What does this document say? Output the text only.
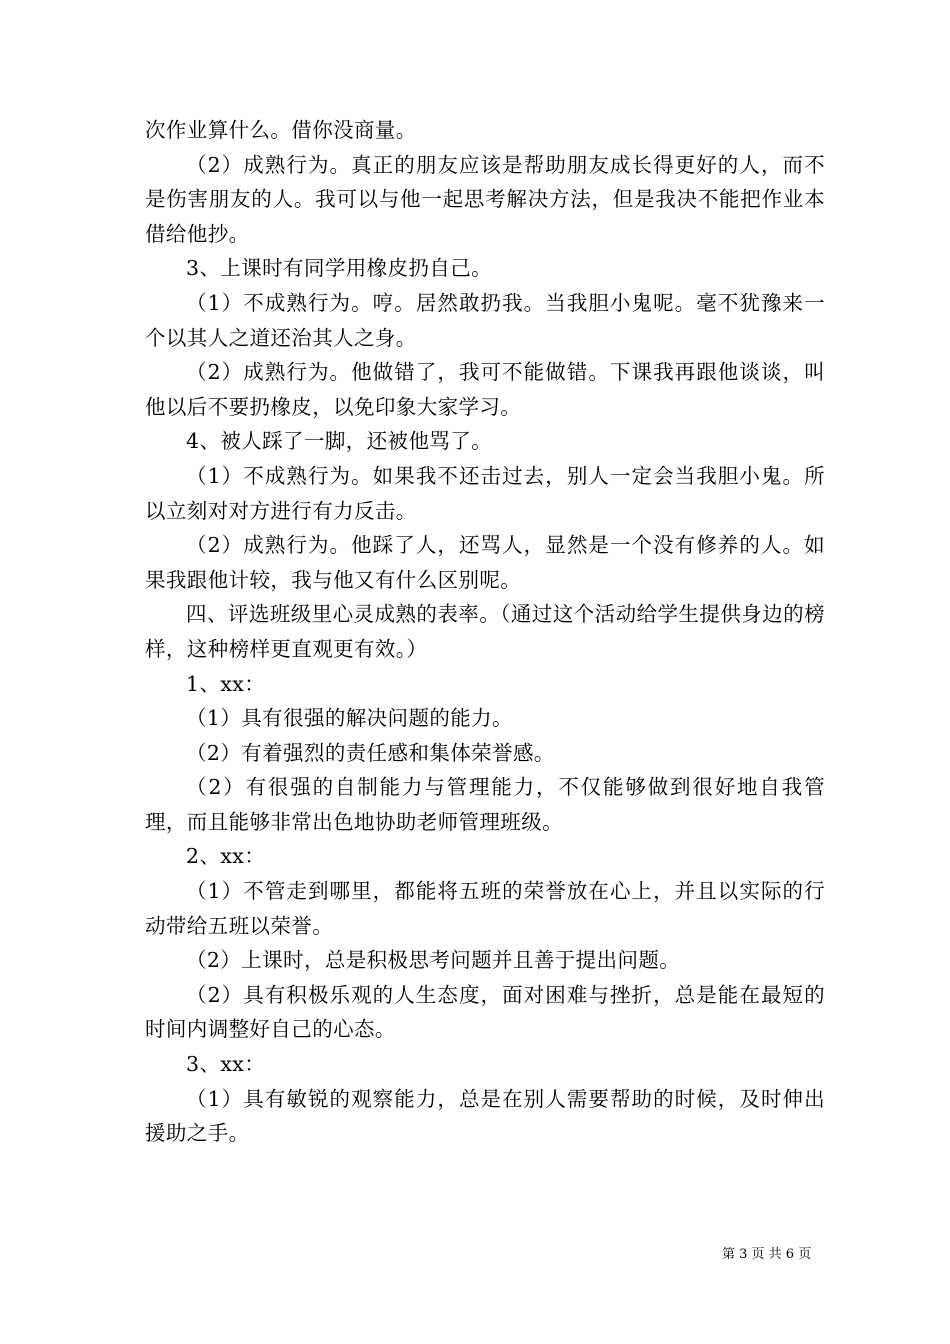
次作业算什么。借你没商量。

（2）成熟行为。真正的朋友应该是帮助朋友成长得更好的人，而不是伤害朋友的人。我可以与他一起思考解决方法，但是我决不能把作业本借给他抄。

3、上课时有同学用橡皮扔自己。

（1）不成熟行为。哼。居然敢扔我。当我胆小鬼呢。毫不犹豫来一个以其人之道还治其人之身。

（2）成熟行为。他做错了，我可不能做错。下课我再跟他谈谈，叫他以后不要扔橡皮，以免印象大家学习。

4、被人踩了一脚，还被他骂了。

（1）不成熟行为。如果我不还击过去，别人一定会当我胆小鬼。所以立刻对对方进行有力反击。

（2）成熟行为。他踩了人，还骂人，显然是一个没有修养的人。如果我跟他计较，我与他又有什么区别呢。

四、评选班级里心灵成熟的表率。（通过这个活动给学生提供身边的榜样，这种榜样更直观更有效。）

1、xx：

（1）具有很强的解决问题的能力。

（2）有着强烈的责任感和集体荣誉感。

（2）有很强的自制能力与管理能力，不仅能够做到很好地自我管理，而且能够非常出色地协助老师管理班级。

2、xx：

（1）不管走到哪里，都能将五班的荣誉放在心上，并且以实际的行动带给五班以荣誉。

（2）上课时，总是积极思考问题并且善于提出问题。

（2）具有积极乐观的人生态度，面对困难与挫折，总是能在最短的时间内调整好自己的心态。

3、xx：

（1）具有敏锐的观察能力，总是在别人需要帮助的时候，及时伸出援助之手。

第 3 页 共 6 页
